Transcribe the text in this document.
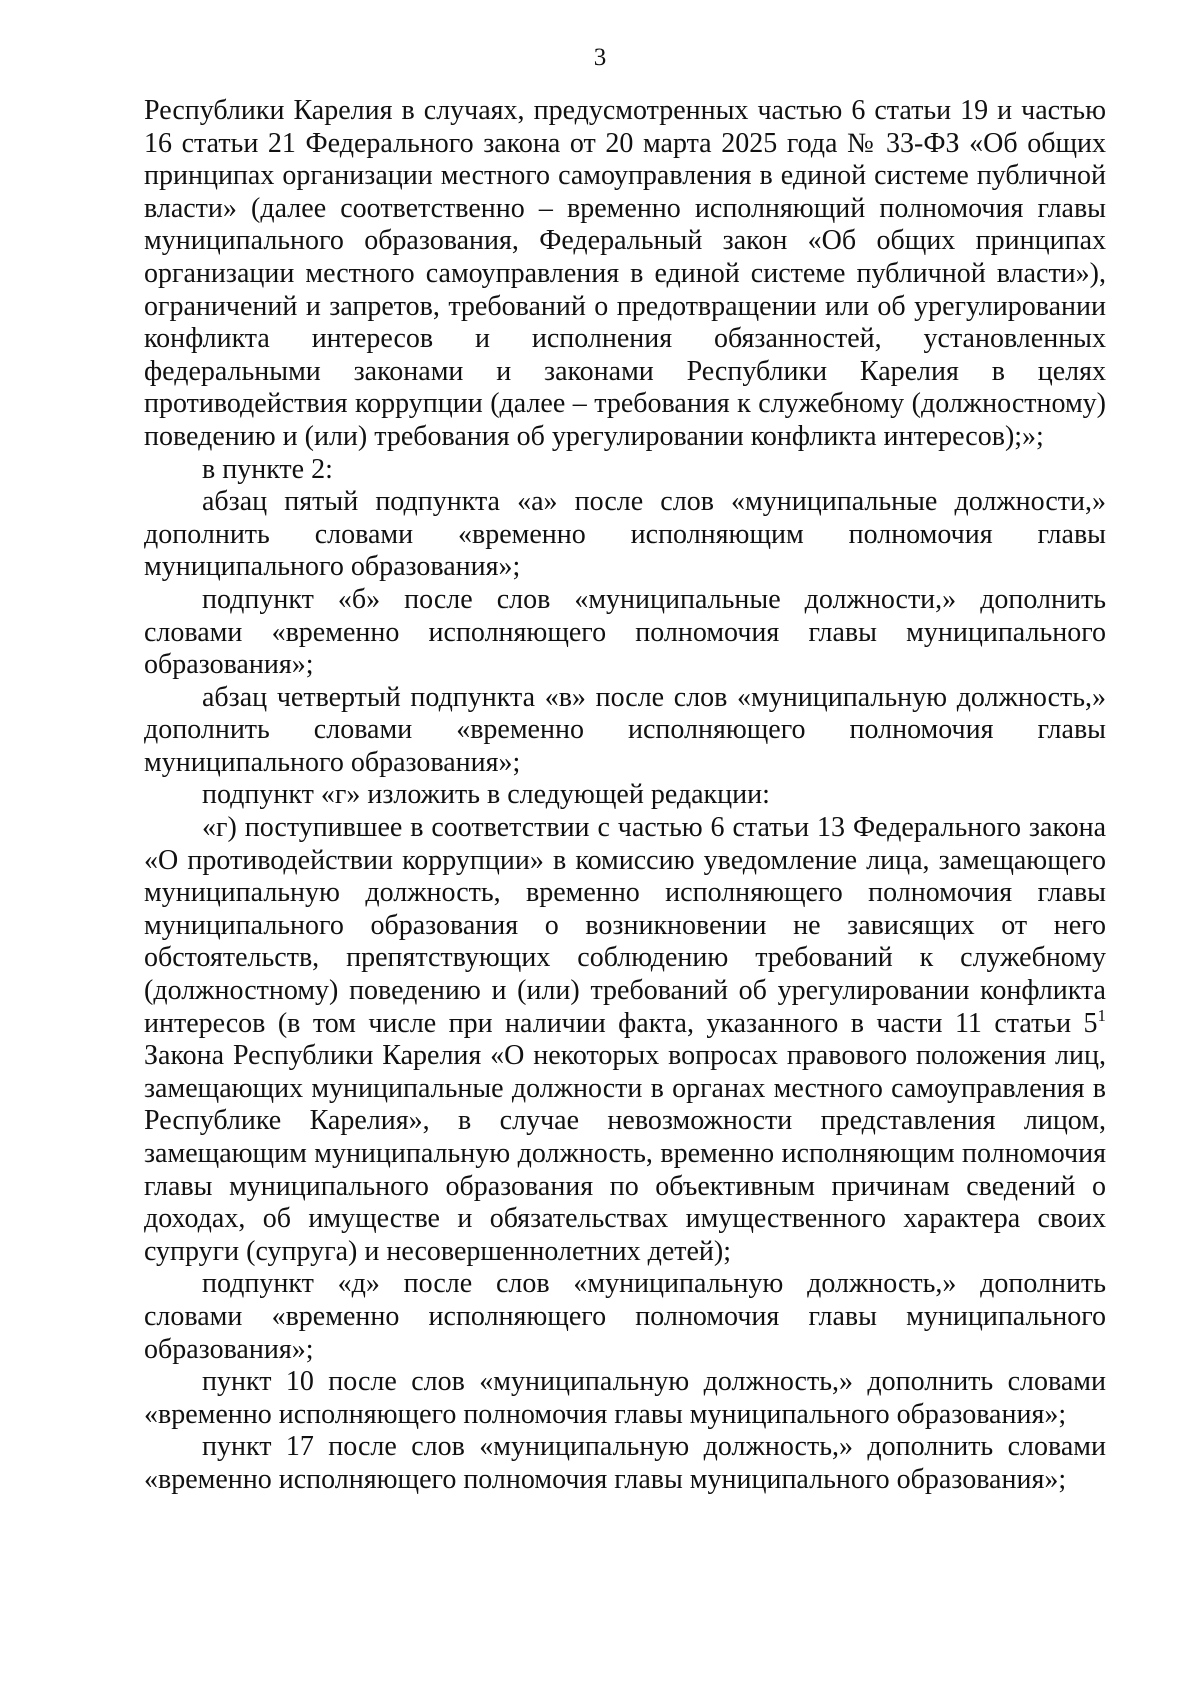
3

Республики Карелия в случаях, предусмотренных частью 6 статьи 19 и частью 16 статьи 21 Федерального закона от 20 марта 2025 года № 33-ФЗ «Об общих принципах организации местного самоуправления в единой системе публичной власти» (далее соответственно – временно исполняющий полномочия главы муниципального образования, Федеральный закон «Об общих принципах организации местного самоуправления в единой системе публичной власти»), ограничений и запретов, требований о предотвращении или об урегулировании конфликта интересов и исполнения обязанностей, установленных федеральными законами и законами Республики Карелия в целях противодействия коррупции (далее – требования к служебному (должностному) поведению и (или) требования об урегулировании конфликта интересов);»;

в пункте 2:

абзац пятый подпункта «а» после слов «муниципальные должности,» дополнить словами «временно исполняющим полномочия главы муниципального образования»;

подпункт «б» после слов «муниципальные должности,» дополнить словами «временно исполняющего полномочия главы муниципального образования»;

абзац четвертый подпункта «в» после слов «муниципальную должность,» дополнить словами «временно исполняющего полномочия главы муниципального образования»;

подпункт «г» изложить в следующей редакции:

«г) поступившее в соответствии с частью 6 статьи 13 Федерального закона «О противодействии коррупции» в комиссию уведомление лица, замещающего муниципальную должность, временно исполняющего полномочия главы муниципального образования о возникновении не зависящих от него обстоятельств, препятствующих соблюдению требований к служебному (должностному) поведению и (или) требований об урегулировании конфликта интересов (в том числе при наличии факта, указанного в части 11 статьи $5^1$ Закона Республики Карелия «О некоторых вопросах правового положения лиц, замещающих муниципальные должности в органах местного самоуправления в Республике Карелия», в случае невозможности представления лицом, замещающим муниципальную должность, временно исполняющим полномочия главы муниципального образования по объективным причинам сведений о доходах, об имуществе и обязательствах имущественного характера своих супруги (супруга) и несовершеннолетних детей);

подпункт «д» после слов «муниципальную должность,» дополнить словами «временно исполняющего полномочия главы муниципального образования»;

пункт 10 после слов «муниципальную должность,» дополнить словами «временно исполняющего полномочия главы муниципального образования»;

пункт 17 после слов «муниципальную должность,» дополнить словами «временно исполняющего полномочия главы муниципального образования»;
